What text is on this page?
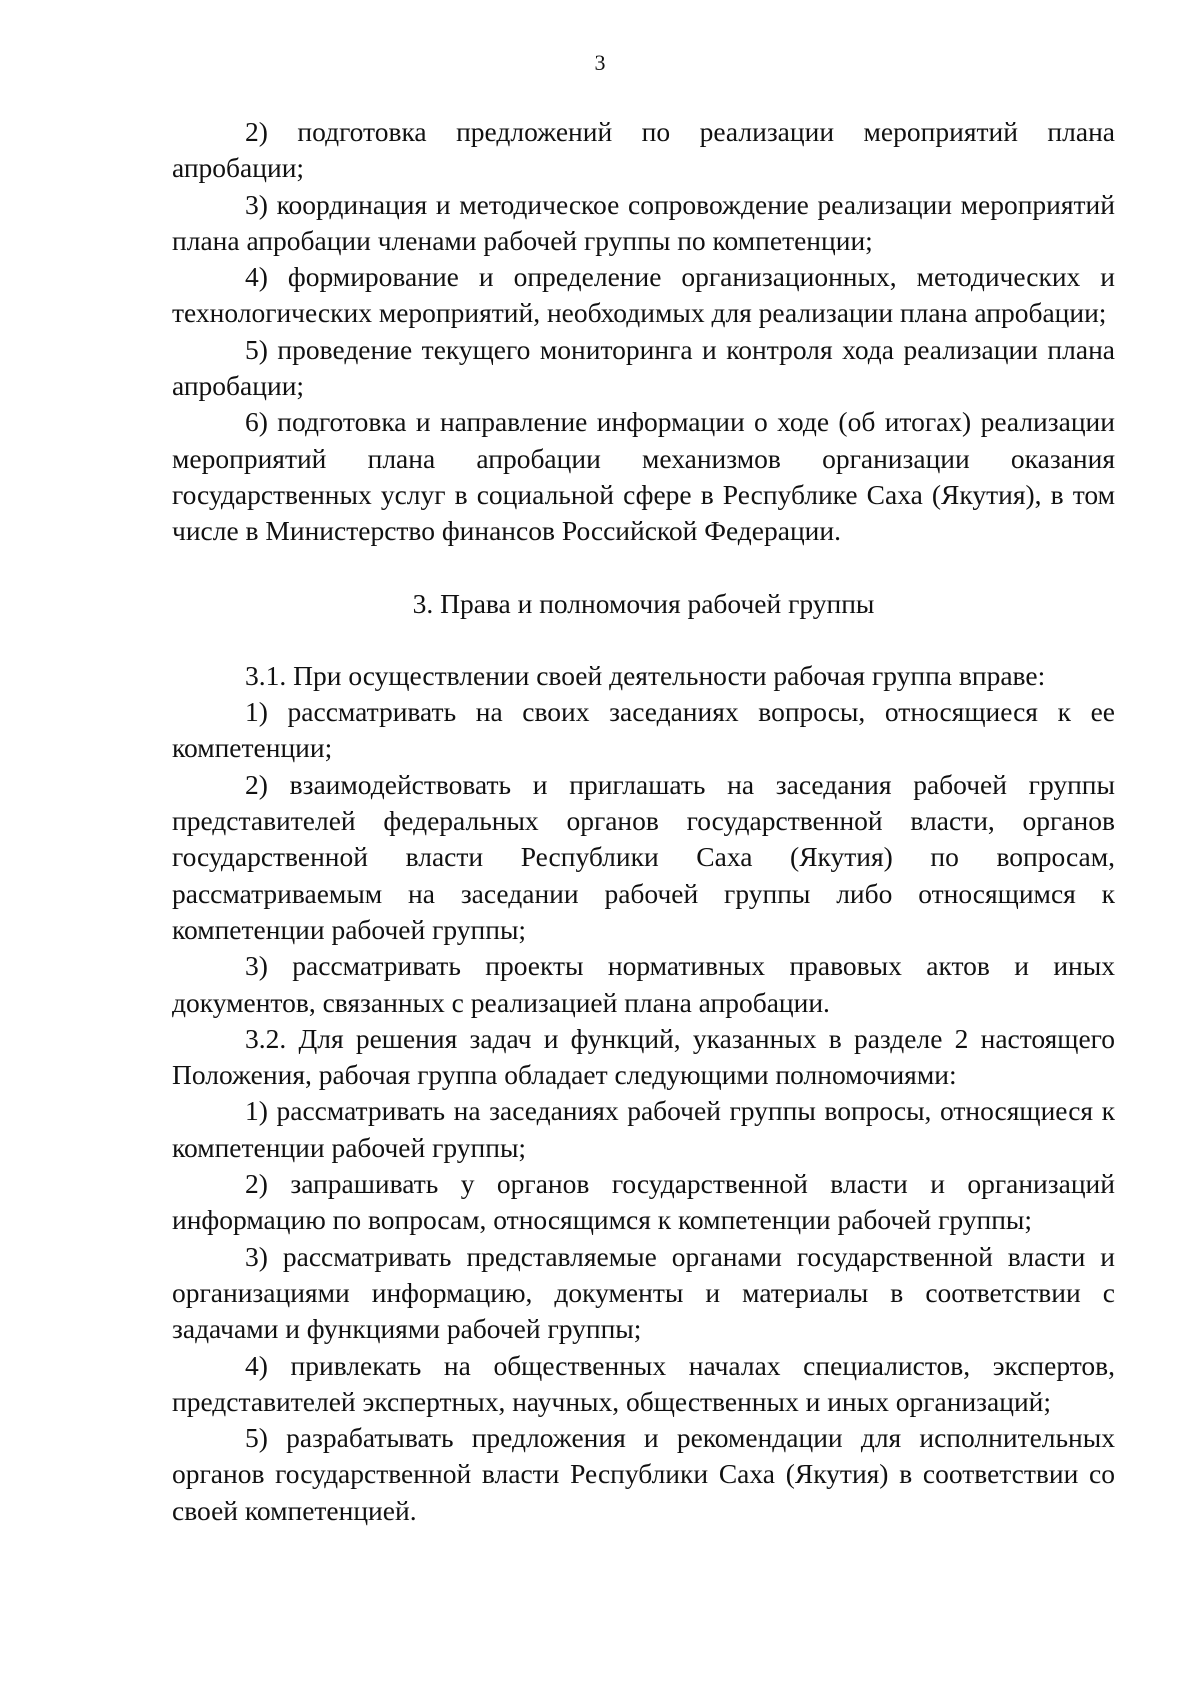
3

2) подготовка предложений по реализации мероприятий плана апробации;

3) координация и методическое сопровождение реализации мероприятий плана апробации членами рабочей группы по компетенции;

4) формирование и определение организационных, методических и технологических мероприятий, необходимых для реализации плана апробации;

5) проведение текущего мониторинга и контроля хода реализации плана апробации;

6) подготовка и направление информации о ходе (об итогах) реализации мероприятий плана апробации механизмов организации оказания государственных услуг в социальной сфере в Республике Саха (Якутия), в том числе в Министерство финансов Российской Федерации.

3. Права и полномочия рабочей группы

3.1. При осуществлении своей деятельности рабочая группа вправе:

1) рассматривать на своих заседаниях вопросы, относящиеся к ее компетенции;

2) взаимодействовать и приглашать на заседания рабочей группы представителей федеральных органов государственной власти, органов государственной власти Республики Саха (Якутия) по вопросам, рассматриваемым на заседании рабочей группы либо относящимся к компетенции рабочей группы;

3) рассматривать проекты нормативных правовых актов и иных документов, связанных с реализацией плана апробации.

3.2. Для решения задач и функций, указанных в разделе 2 настоящего Положения, рабочая группа обладает следующими полномочиями:

1) рассматривать на заседаниях рабочей группы вопросы, относящиеся к компетенции рабочей группы;

2) запрашивать у органов государственной власти и организаций информацию по вопросам, относящимся к компетенции рабочей группы;

3) рассматривать представляемые органами государственной власти и организациями информацию, документы и материалы в соответствии с задачами и функциями рабочей группы;

4) привлекать на общественных началах специалистов, экспертов, представителей экспертных, научных, общественных и иных организаций;

5) разрабатывать предложения и рекомендации для исполнительных органов государственной власти Республики Саха (Якутия) в соответствии со своей компетенцией.
